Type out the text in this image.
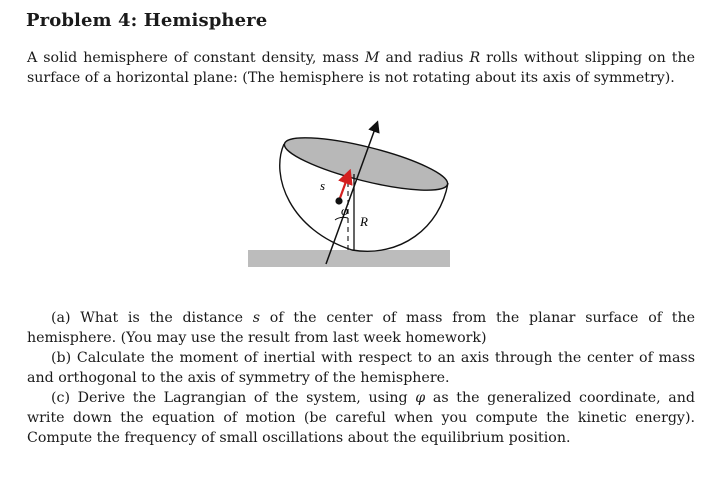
Problem 4: Hemisphere
A solid hemisphere of constant density, mass M and radius R rolls without slipping on the surface of a horizontal plane: (The hemisphere is not rotating about its axis of symmetry).
s
φ
R
(a) What is the distance s of the center of mass from the planar surface of the hemisphere. (You may use the result from last week homework)
(b) Calculate the moment of inertial with respect to an axis through the center of mass and orthogonal to the axis of symmetry of the hemisphere.
(c) Derive the Lagrangian of the system, using φ as the generalized coordinate, and write down the equation of motion (be careful when you compute the kinetic energy). Compute the frequency of small oscillations about the equilibrium position.
